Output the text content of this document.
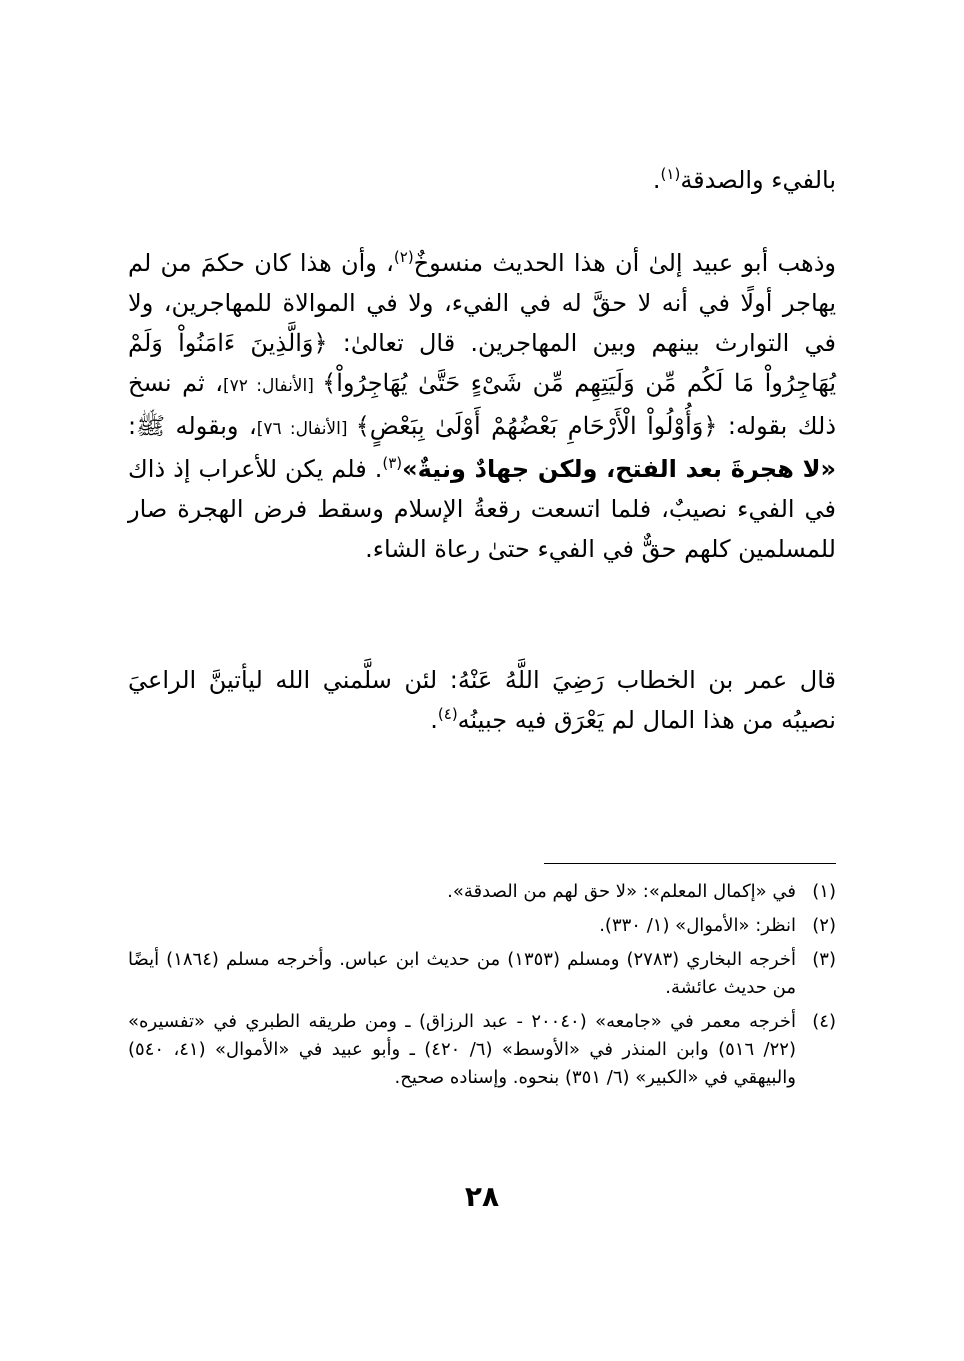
بالفيء والصدقة$^{(١)}$.

وذهب أبو عبيد إلىٰ أن هذا الحديث منسوخٌ$^{(٢)}$، وأن هذا كان حكمَ من لم يهاجر أولًا في أنه لا حقَّ له في الفيء، ولا في الموالاة للمهاجرين، ولا في التوارث بينهم وبين المهاجرين. قال تعالىٰ: ﴿وَالَّذِينَ ءَامَنُواْ وَلَمْ يُهَاجِرُواْ مَا لَكُم مِّن وَلَيَتِهِم مِّن شَىْءٍ حَتَّىٰ يُهَاجِرُواْ﴾ [الأنفال: ٧٢]، ثم نسخ ذلك بقوله: ﴿وَأُوْلُواْ الْأَرْحَامِ بَعْضُهُمْ أَوْلَىٰ بِبَعْضٍ﴾ [الأنفال: ٧٦]، وبقوله ﷺ: «لا هجرةَ بعد الفتح، ولكن جهادٌ ونيةٌ»$^{(٣)}$. فلم يكن للأعراب إذ ذاك في الفيء نصيبٌ، فلما اتسعت رقعةُ الإسلام وسقط فرض الهجرة صار للمسلمين كلهم حقٌّ في الفيء حتىٰ رعاة الشاء.

قال عمر بن الخطاب رَضِيَ اللَّهُ عَنْهُ: لئن سلَّمني الله ليأتينَّ الراعيَ نصيبُه من هذا المال لم يَعْرَق فيه جبينُه$^{(٤)}$.

(١)
في «إكمال المعلم»: «لا حق لهم من الصدقة».
(٢)
انظر: «الأموال» (١/ ٣٣٠).
(٣)
أخرجه البخاري (٢٧٨٣) ومسلم (١٣٥٣) من حديث ابن عباس. وأخرجه مسلم (١٨٦٤) أيضًا من حديث عائشة.
(٤)
أخرجه معمر في «جامعه» (٢٠٠٤٠ - عبد الرزاق) ـ ومن طريقه الطبري في «تفسيره» (٢٢/ ٥١٦) وابن المنذر في «الأوسط» (٦/ ٤٢٠) ـ وأبو عبيد في «الأموال» (٤١، ٥٤٠) والبيهقي في «الكبير» (٦/ ٣٥١) بنحوه. وإسناده صحيح.
٢٨
